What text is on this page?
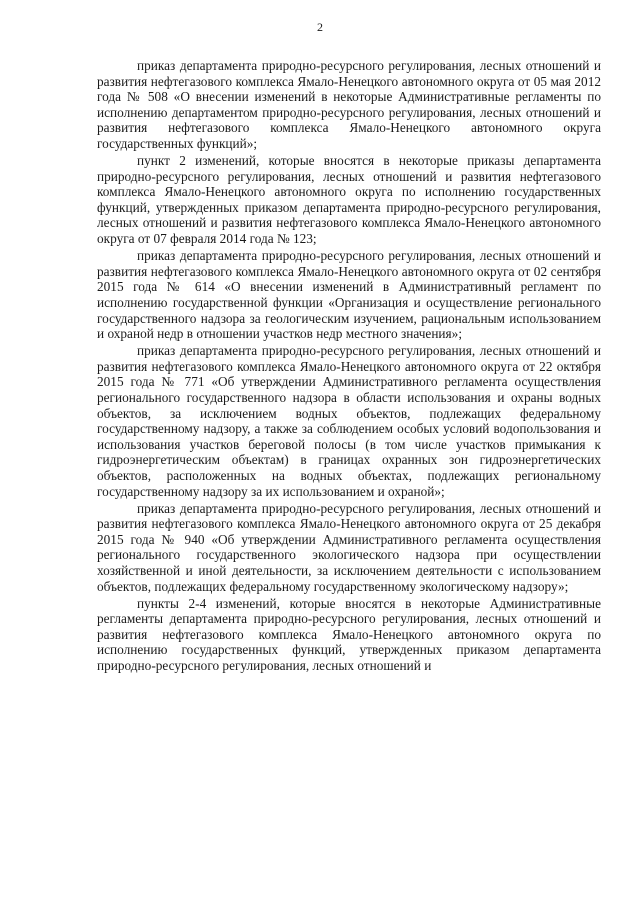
2

приказ департамента природно-ресурсного регулирования, лесных отношений и развития нефтегазового комплекса Ямало-Ненецкого автономного округа от 05 мая 2012 года № 508 «О внесении изменений в некоторые Административные регламенты по исполнению департаментом природно-ресурсного регулирования, лесных отношений и развития нефтегазового комплекса Ямало-Ненецкого автономного округа государственных функций»;

пункт 2 изменений, которые вносятся в некоторые приказы департамента природно-ресурсного регулирования, лесных отношений и развития нефтегазового комплекса Ямало-Ненецкого автономного округа по исполнению государственных функций, утвержденных приказом департамента природно-ресурсного регулирования, лесных отношений и развития нефтегазового комплекса Ямало-Ненецкого автономного округа от 07 февраля 2014 года № 123;

приказ департамента природно-ресурсного регулирования, лесных отношений и развития нефтегазового комплекса Ямало-Ненецкого автономного округа от 02 сентября 2015 года № 614 «О внесении изменений в Административный регламент по исполнению государственной функции «Организация и осуществление регионального государственного надзора за геологическим изучением, рациональным использованием и охраной недр в отношении участков недр местного значения»;

приказ департамента природно-ресурсного регулирования, лесных отношений и развития нефтегазового комплекса Ямало-Ненецкого автономного округа от 22 октября 2015 года № 771 «Об утверждении Административного регламента осуществления регионального государственного надзора в области использования и охраны водных объектов, за исключением водных объектов, подлежащих федеральному государственному надзору, а также за соблюдением особых условий водопользования и использования участков береговой полосы (в том числе участков примыкания к гидроэнергетическим объектам) в границах охранных зон гидроэнергетических объектов, расположенных на водных объектах, подлежащих региональному государственному надзору за их использованием и охраной»;

приказ департамента природно-ресурсного регулирования, лесных отношений и развития нефтегазового комплекса Ямало-Ненецкого автономного округа от 25 декабря 2015 года № 940 «Об утверждении Административного регламента осуществления регионального государственного экологического надзора при осуществлении хозяйственной и иной деятельности, за исключением деятельности с использованием объектов, подлежащих федеральному государственному экологическому надзору»;

пункты 2-4 изменений, которые вносятся в некоторые Административные регламенты департамента природно-ресурсного регулирования, лесных отношений и развития нефтегазового комплекса Ямало-Ненецкого автономного округа по исполнению государственных функций, утвержденных приказом департамента природно-ресурсного регулирования, лесных отношений и
